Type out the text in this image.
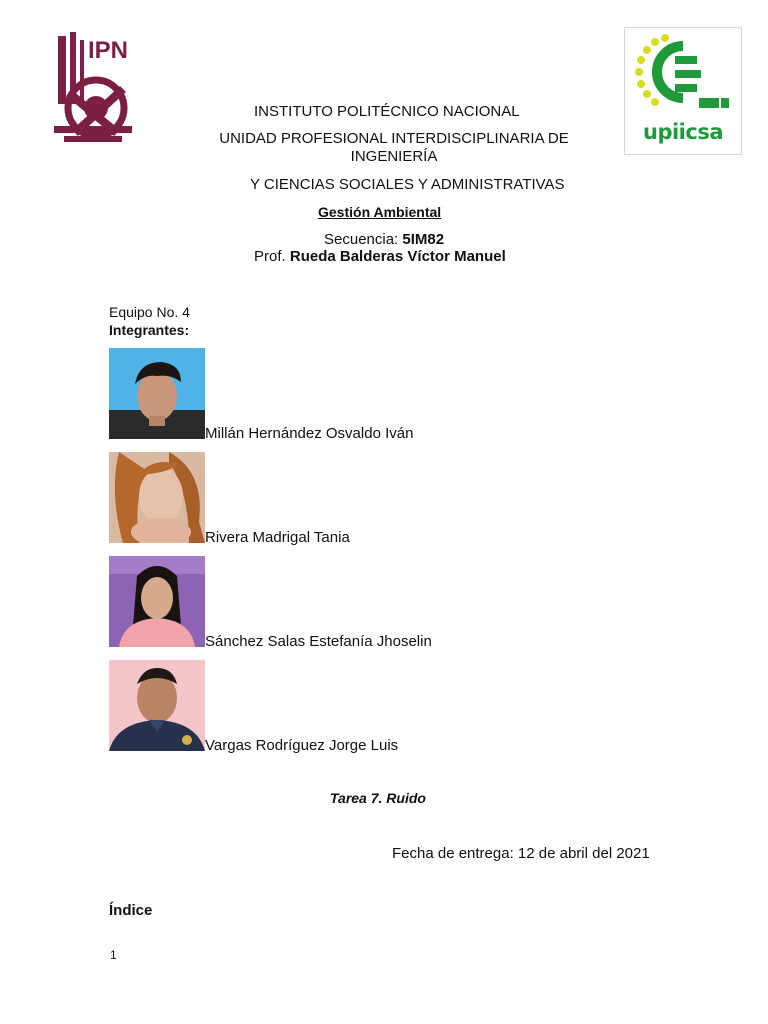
IPN
upiicsa
INSTITUTO POLITÉCNICO NACIONAL
UNIDAD PROFESIONAL INTERDISCIPLINARIA DE
INGENIERÍA
Y CIENCIAS SOCIALES Y ADMINISTRATIVAS
Gestión Ambiental
Secuencia: 5IM82
Prof. Rueda Balderas Víctor Manuel
Equipo No. 4
Integrantes:
Millán Hernández Osvaldo Iván
Rivera Madrigal Tania
Sánchez Salas Estefanía Jhoselin
Vargas Rodríguez Jorge Luis
Tarea 7. Ruido
Fecha de entrega: 12 de abril del 2021
Índice
1
